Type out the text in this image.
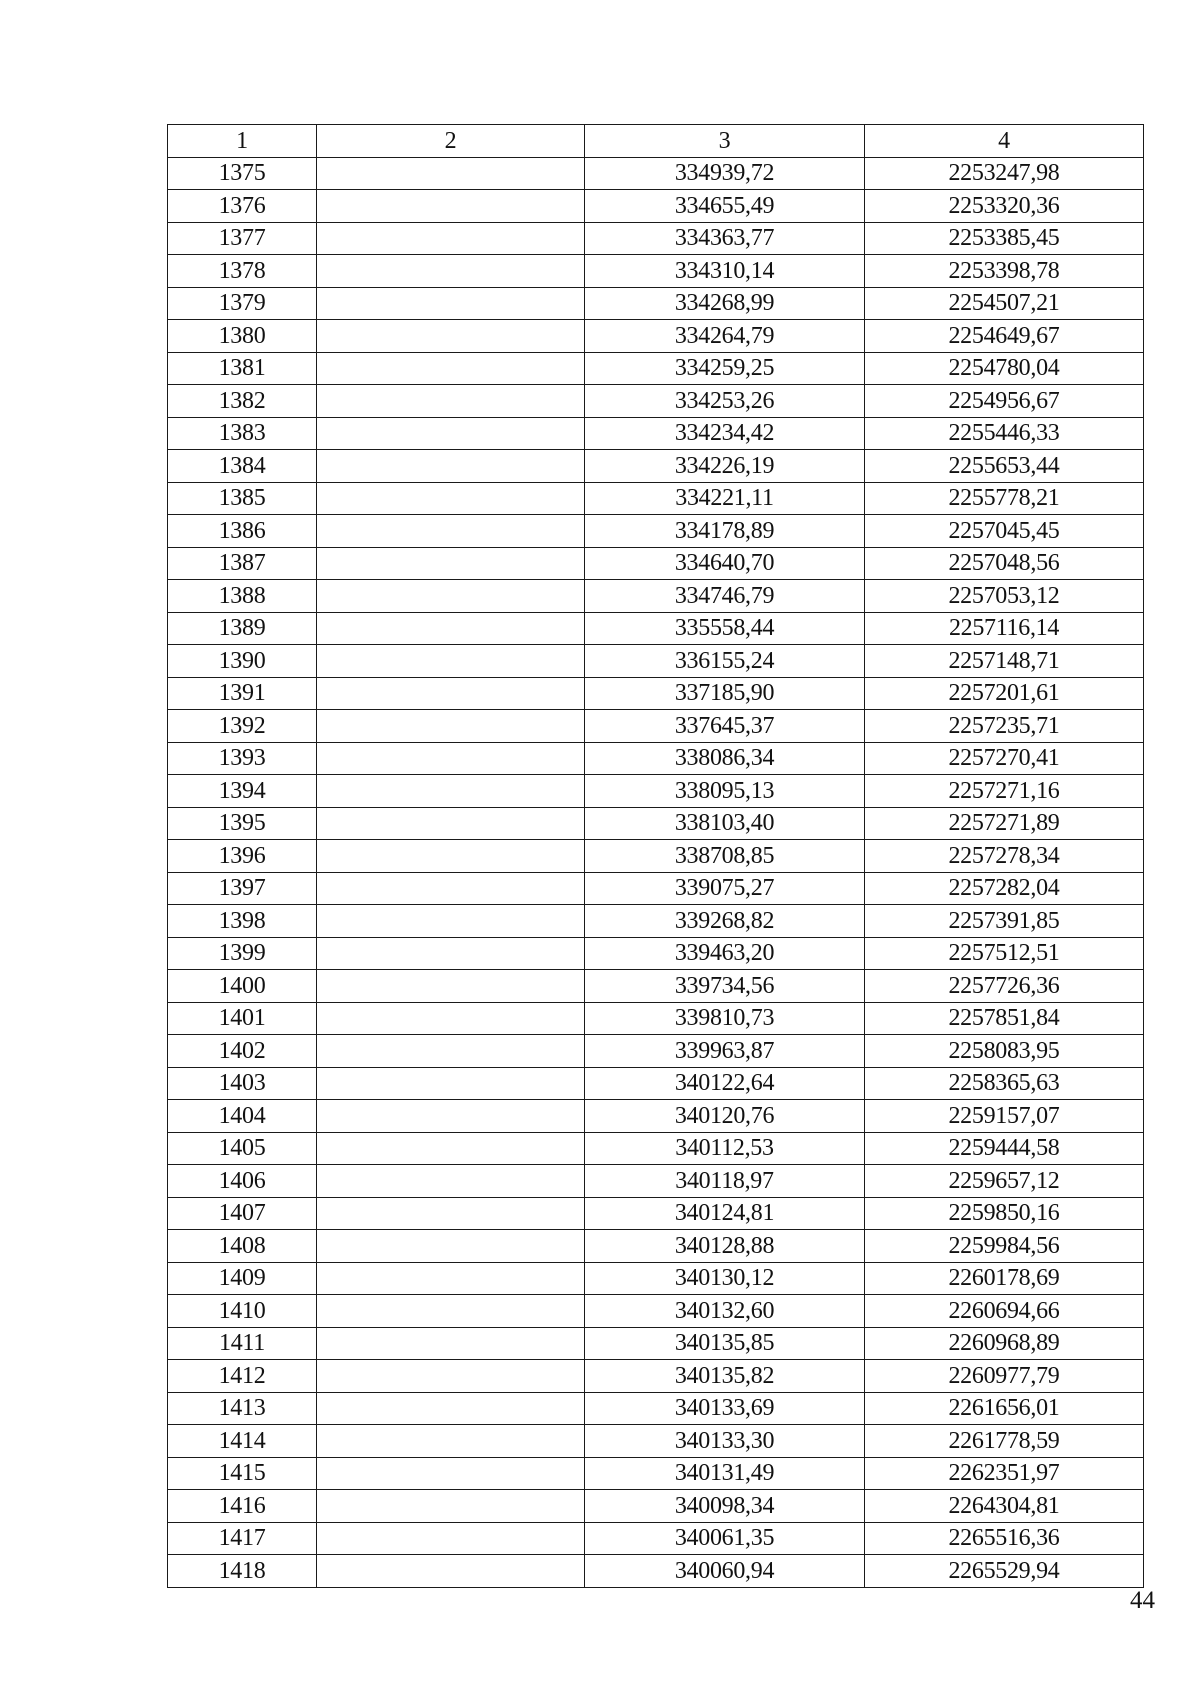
1	2	3	4
1375		334939,72	2253247,98
1376		334655,49	2253320,36
1377		334363,77	2253385,45
1378		334310,14	2253398,78
1379		334268,99	2254507,21
1380		334264,79	2254649,67
1381		334259,25	2254780,04
1382		334253,26	2254956,67
1383		334234,42	2255446,33
1384		334226,19	2255653,44
1385		334221,11	2255778,21
1386		334178,89	2257045,45
1387		334640,70	2257048,56
1388		334746,79	2257053,12
1389		335558,44	2257116,14
1390		336155,24	2257148,71
1391		337185,90	2257201,61
1392		337645,37	2257235,71
1393		338086,34	2257270,41
1394		338095,13	2257271,16
1395		338103,40	2257271,89
1396		338708,85	2257278,34
1397		339075,27	2257282,04
1398		339268,82	2257391,85
1399		339463,20	2257512,51
1400		339734,56	2257726,36
1401		339810,73	2257851,84
1402		339963,87	2258083,95
1403		340122,64	2258365,63
1404		340120,76	2259157,07
1405		340112,53	2259444,58
1406		340118,97	2259657,12
1407		340124,81	2259850,16
1408		340128,88	2259984,56
1409		340130,12	2260178,69
1410		340132,60	2260694,66
1411		340135,85	2260968,89
1412		340135,82	2260977,79
1413		340133,69	2261656,01
1414		340133,30	2261778,59
1415		340131,49	2262351,97
1416		340098,34	2264304,81
1417		340061,35	2265516,36
1418		340060,94	2265529,94
44
